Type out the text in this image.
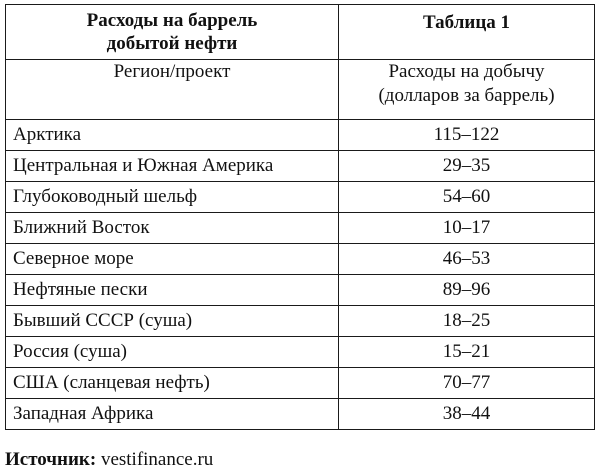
Расходы на баррель
добытой нефти	Таблица 1
Регион/проект	Расходы на добычу
(долларов за баррель)
Арктика	115–122
Центральная и Южная Америка	29–35
Глубоководный шельф	54–60
Ближний Восток	10–17
Северное море	46–53
Нефтяные пески	89–96
Бывший СССР (суша)	18–25
Россия (суша)	15–21
США (сланцевая нефть)	70–77
Западная Африка	38–44
Источник: vestifinance.ru
